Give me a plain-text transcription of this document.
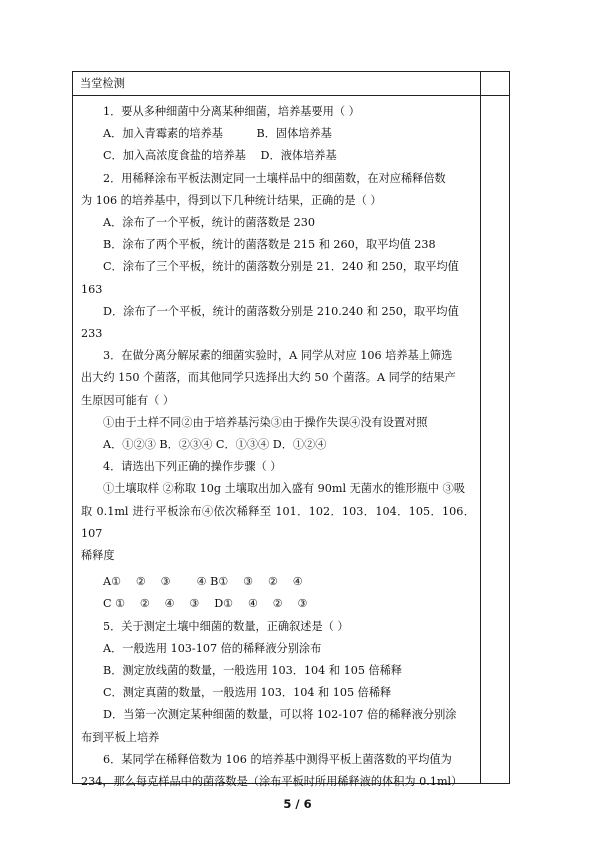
当堂检测

1．要从多种细菌中分离某种细菌，培养基要用（ ）

A．加入青霉素的培养基　　　B．固体培养基

C．加入高浓度食盐的培养基　 D．液体培养基

2．用稀释涂布平板法测定同一土壤样品中的细菌数，在对应稀释倍数

为 106 的培养基中，得到以下几种统计结果，正确的是（ ）

A．涂布了一个平板，统计的菌落数是 230

B．涂布了两个平板，统计的菌落数是 215 和 260，取平均值 238

C．涂布了三个平板，统计的菌落数分别是 21．240 和 250，取平均值

163

D．涂布了一个平板，统计的菌落数分别是 210.240 和 250，取平均值

233

3．在做分离分解尿素的细菌实验时，A 同学从对应 106 培养基上筛选

出大约 150 个菌落，而其他同学只选择出大约 50 个菌落。A 同学的结果产

生原因可能有（ ）

①由于土样不同②由于培养基污染③由于操作失误④没有设置对照

A．①②③ B．②③④ C．①③④ D．①②④

4．请选出下列正确的操作步骤（ ）

①土壤取样 ②称取 10g 土壤取出加入盛有 90ml 无菌水的锥形瓶中 ③吸

取 0.1ml 进行平板涂布④依次稀释至 101．102．103．104．105．106．107

稀释度

A①　 ②　 ③　　 ④ B①　 ③　 ②　 ④

C ①　 ②　 ④　 ③　 D①　 ④　 ②　 ③

5．关于测定土壤中细菌的数量，正确叙述是（ ）

A．一般选用 103-107 倍的稀释液分别涂布

B．测定放线菌的数量，一般选用 103．104 和 105 倍稀释

C．测定真菌的数量，一般选用 103．104 和 105 倍稀释

D．当第一次测定某种细菌的数量，可以将 102-107 倍的稀释液分别涂

布到平板上培养

6．某同学在稀释倍数为 106 的培养基中测得平板上菌落数的平均值为

234，那么每克样品中的菌落数是（涂布平板时所用稀释液的体积为 0.1ml）

5 / 6
